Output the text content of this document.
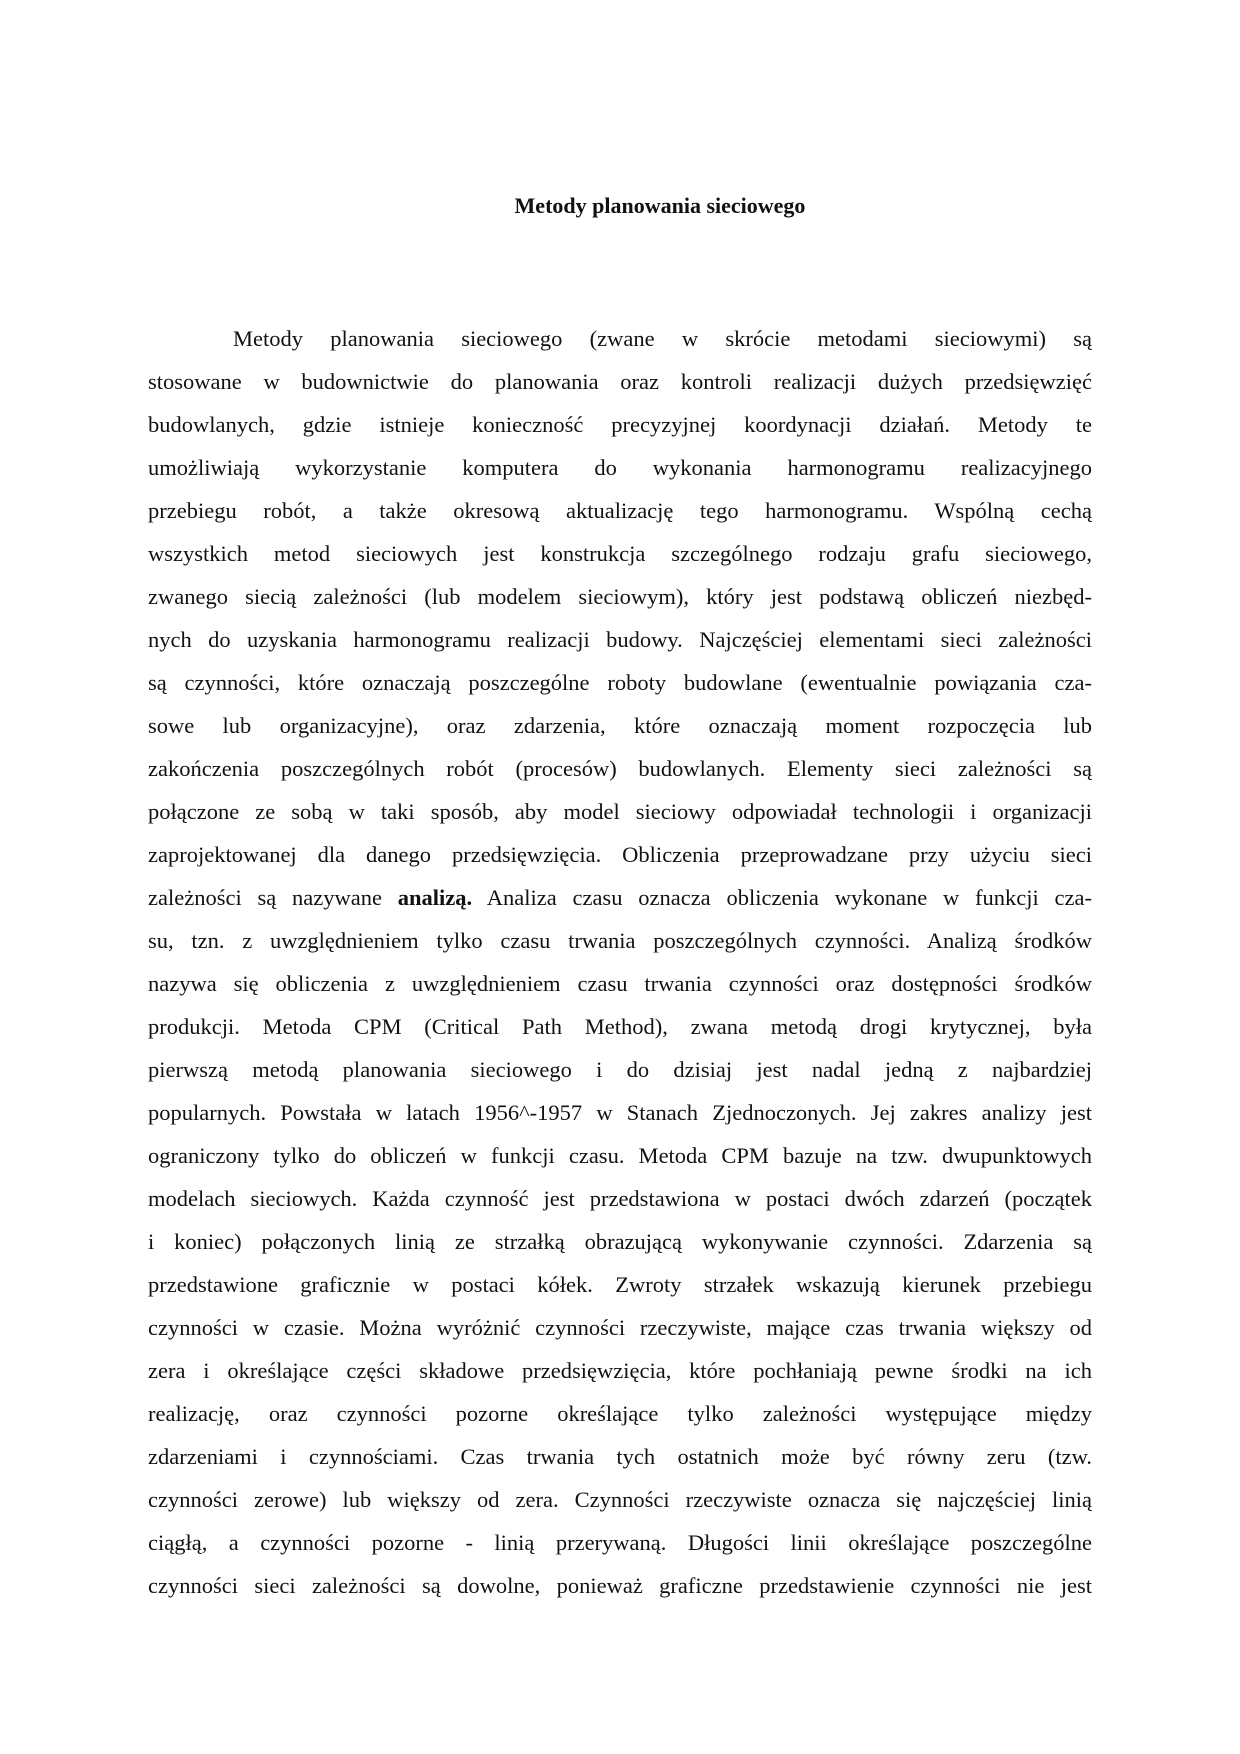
Metody planowania sieciowego
Metody planowania sieciowego (zwane w skrócie metodami sieciowymi) są
stosowane w budownictwie do planowania oraz kontroli realizacji dużych przedsięwzięć
budowlanych, gdzie istnieje konieczność precyzyjnej koordynacji działań. Metody te
umożliwiają wykorzystanie komputera do wykonania harmonogramu realizacyjnego
przebiegu robót, a także okresową aktualizację tego harmonogramu. Wspólną cechą
wszystkich metod sieciowych jest konstrukcja szczególnego rodzaju grafu sieciowego,
zwanego siecią zależności (lub modelem sieciowym), który jest podstawą obliczeń niezbęd-
nych do uzyskania harmonogramu realizacji budowy. Najczęściej elementami sieci zależności
są czynności, które oznaczają poszczególne roboty budowlane (ewentualnie powiązania cza-
sowe lub organizacyjne), oraz zdarzenia, które oznaczają moment rozpoczęcia lub
zakończenia poszczególnych robót (procesów) budowlanych. Elementy sieci zależności są
połączone ze sobą w taki sposób, aby model sieciowy odpowiadał technologii i organizacji
zaprojektowanej dla danego przedsięwzięcia. Obliczenia przeprowadzane przy użyciu sieci
zależności są nazywane analizą. Analiza czasu oznacza obliczenia wykonane w funkcji cza-
su, tzn. z uwzględnieniem tylko czasu trwania poszczególnych czynności. Analizą środków
nazywa się obliczenia z uwzględnieniem czasu trwania czynności oraz dostępności środków
produkcji. Metoda CPM (Critical Path Method), zwana metodą drogi krytycznej, była
pierwszą metodą planowania sieciowego i do dzisiaj jest nadal jedną z najbardziej
popularnych. Powstała w latach 1956^-1957 w Stanach Zjednoczonych. Jej zakres analizy jest
ograniczony tylko do obliczeń w funkcji czasu. Metoda CPM bazuje na tzw. dwupunktowych
modelach sieciowych. Każda czynność jest przedstawiona w postaci dwóch zdarzeń (początek
i koniec) połączonych linią ze strzałką obrazującą wykonywanie czynności. Zdarzenia są
przedstawione graficznie w postaci kółek. Zwroty strzałek wskazują kierunek przebiegu
czynności w czasie. Można wyróżnić czynności rzeczywiste, mające czas trwania większy od
zera i określające części składowe przedsięwzięcia, które pochłaniają pewne środki na ich
realizację, oraz czynności pozorne określające tylko zależności występujące między
zdarzeniami i czynnościami. Czas trwania tych ostatnich może być równy zeru (tzw.
czynności zerowe) lub większy od zera. Czynności rzeczywiste oznacza się najczęściej linią
ciągłą, a czynności pozorne - linią przerywaną. Długości linii określające poszczególne
czynności sieci zależności są dowolne, ponieważ graficzne przedstawienie czynności nie jest
